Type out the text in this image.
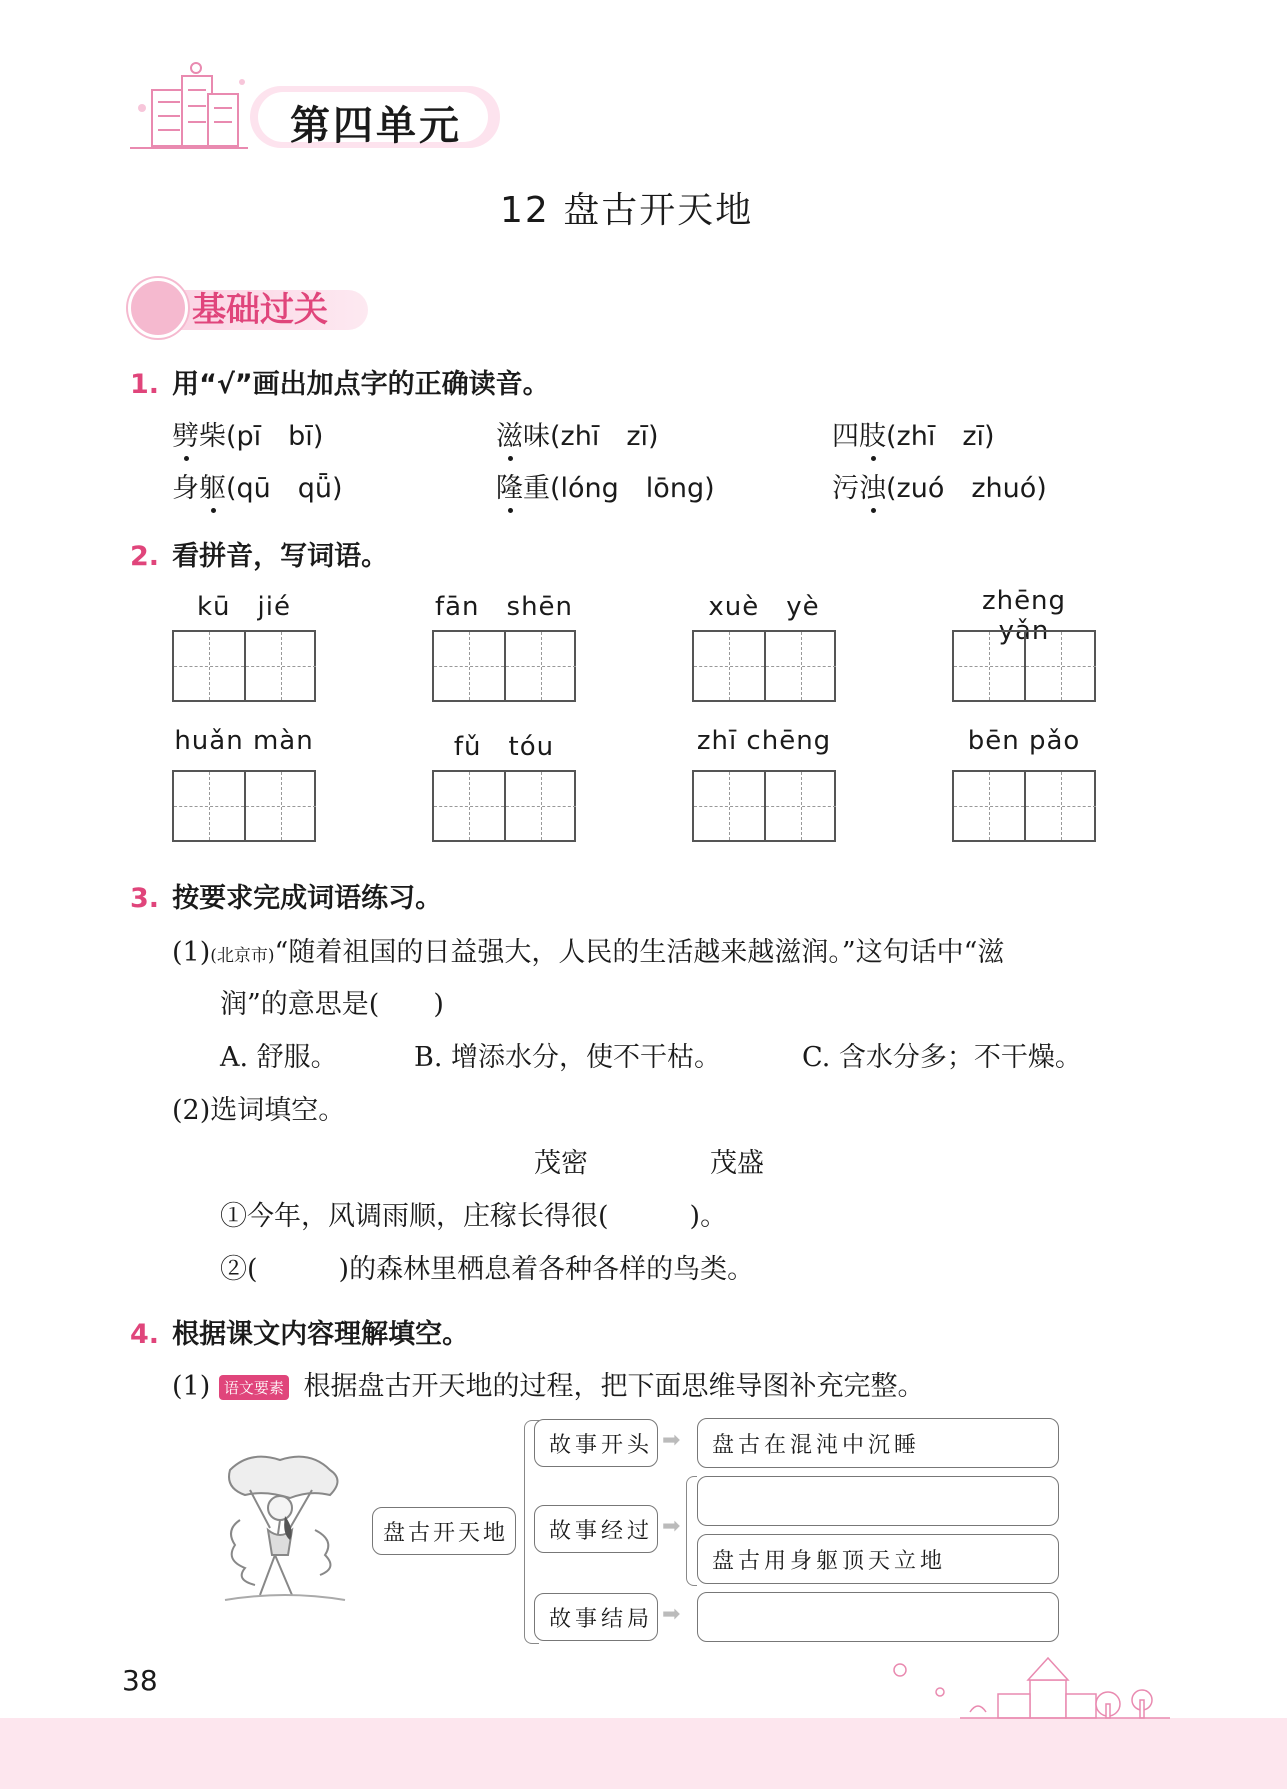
第四单元
12 盘古开天地
基础过关
1. 用“√”画出加点字的正确读音。
劈柴(pī　bī)	滋味(zhī　zī)	四肢(zhī　zī)
身躯(qū　qǖ)	隆重(lóng　lōng)	污浊(zuó　zhuó)
2. 看拼音，写词语。
kū　jié	fān　shēn	xuè　yè	zhēng yǎn
huǎn màn	fǔ　tóu	zhī chēng	bēn pǎo
3. 按要求完成词语练习。
(1)(北京市)“随着祖国的日益强大，人民的生活越来越滋润。”这句话中“滋
润”的意思是(　　)
A. 舒服。	B. 增添水分，使不干枯。	C. 含水分多；不干燥。
(2)选词填空。
茂密	茂盛
①今年，风调雨顺，庄稼长得很(　　　)。
②(　　　)的森林里栖息着各种各样的鸟类。
4. 根据课文内容理解填空。
(1) 语文要素 根据盘古开天地的过程，把下面思维导图补充完整。
盘古开天地
故事开头
故事经过
故事结局
➡
➡
➡
盘古在混沌中沉睡
盘古用身躯顶天立地
38
